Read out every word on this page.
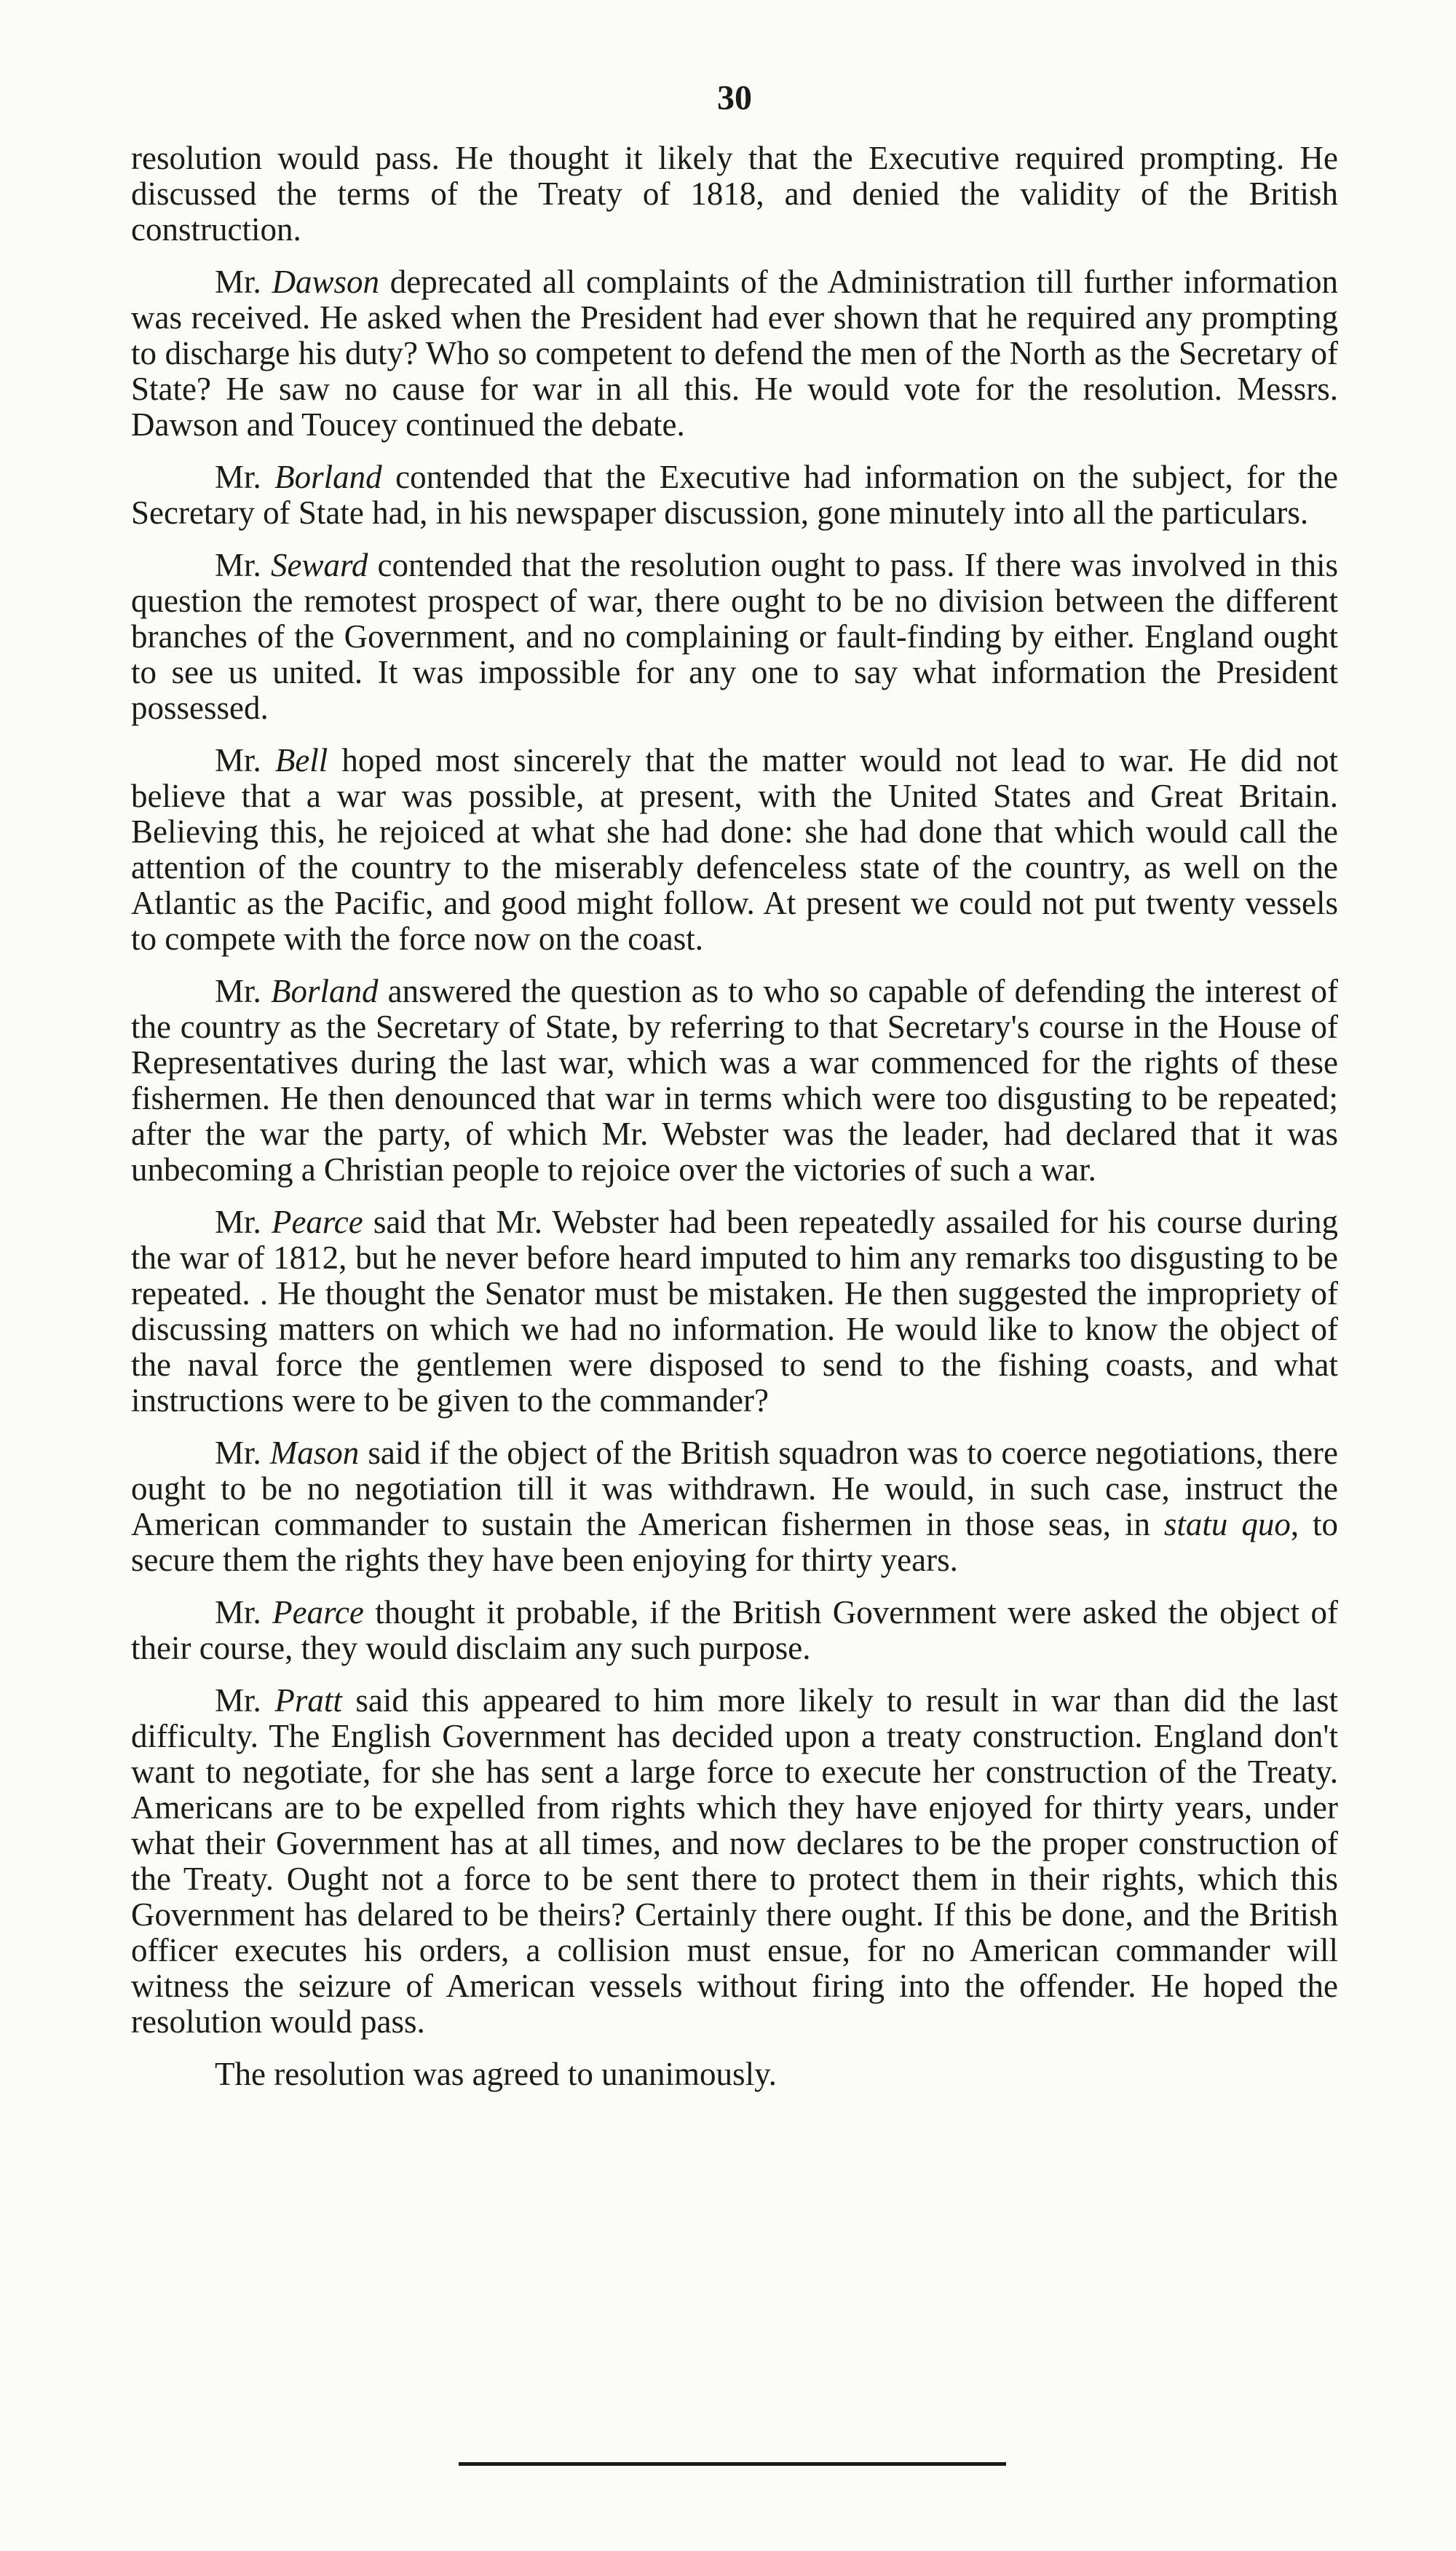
30

resolution would pass. He thought it likely that the Executive required prompting. He discussed the terms of the Treaty of 1818, and denied the validity of the British construction.

Mr. Dawson deprecated all complaints of the Administration till further information was received. He asked when the President had ever shown that he required any prompting to discharge his duty? Who so competent to defend the men of the North as the Secretary of State? He saw no cause for war in all this. He would vote for the resolution. Messrs. Dawson and Toucey continued the debate.

Mr. Borland contended that the Executive had information on the subject, for the Secretary of State had, in his newspaper discussion, gone minutely into all the particulars.

Mr. Seward contended that the resolution ought to pass. If there was involved in this question the remotest prospect of war, there ought to be no division between the different branches of the Government, and no complaining or fault-finding by either. England ought to see us united. It was impossible for any one to say what information the President possessed.

Mr. Bell hoped most sincerely that the matter would not lead to war. He did not believe that a war was possible, at present, with the United States and Great Britain. Believing this, he rejoiced at what she had done: she had done that which would call the attention of the country to the miserably defenceless state of the country, as well on the Atlantic as the Pacific, and good might follow. At present we could not put twenty vessels to compete with the force now on the coast.

Mr. Borland answered the question as to who so capable of defending the interest of the country as the Secretary of State, by referring to that Secretary's course in the House of Representatives during the last war, which was a war commenced for the rights of these fishermen. He then denounced that war in terms which were too disgusting to be repeated; after the war the party, of which Mr. Webster was the leader, had declared that it was unbecoming a Christian people to rejoice over the victories of such a war.

Mr. Pearce said that Mr. Webster had been repeatedly assailed for his course during the war of 1812, but he never before heard imputed to him any remarks too disgusting to be repeated. . He thought the Senator must be mistaken. He then suggested the impropriety of discussing matters on which we had no information. He would like to know the object of the naval force the gentlemen were disposed to send to the fishing coasts, and what instructions were to be given to the commander?

Mr. Mason said if the object of the British squadron was to coerce negotiations, there ought to be no negotiation till it was withdrawn. He would, in such case, instruct the American commander to sustain the American fishermen in those seas, in statu quo, to secure them the rights they have been enjoying for thirty years.

Mr. Pearce thought it probable, if the British Government were asked the object of their course, they would disclaim any such purpose.

Mr. Pratt said this appeared to him more likely to result in war than did the last difficulty. The English Government has decided upon a treaty construction. England don't want to negotiate, for she has sent a large force to execute her construction of the Treaty. Americans are to be expelled from rights which they have enjoyed for thirty years, under what their Government has at all times, and now declares to be the proper construction of the Treaty. Ought not a force to be sent there to protect them in their rights, which this Government has delared to be theirs? Certainly there ought. If this be done, and the British officer executes his orders, a collision must ensue, for no American commander will witness the seizure of American vessels without firing into the offender. He hoped the resolution would pass.

The resolution was agreed to unanimously.
